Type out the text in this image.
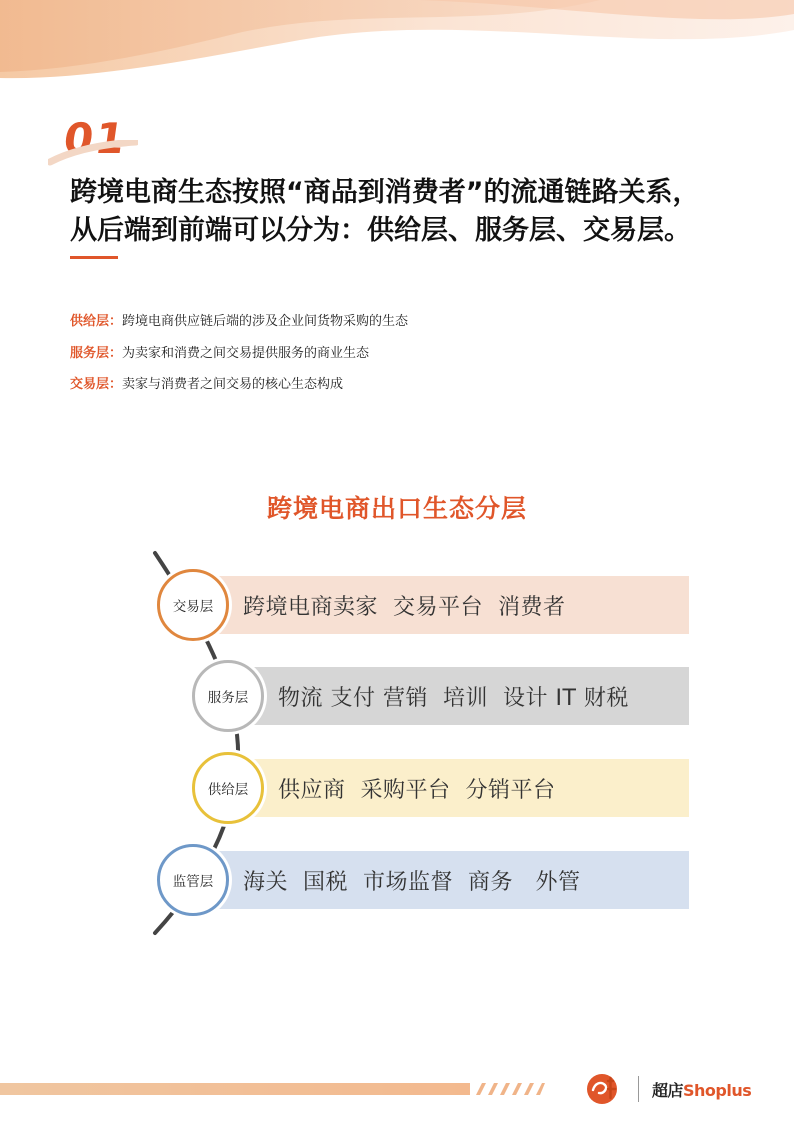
01
跨境电商生态按照“商品到消费者”的流通链路关系，
从后端到前端可以分为：供给层、服务层、交易层。
供给层：跨境电商供应链后端的涉及企业间货物采购的生态
服务层：为卖家和消费之间交易提供服务的商业生态
交易层：卖家与消费者之间交易的核心生态构成
跨境电商出口生态分层
跨境电商卖家  交易平台  消费者
物流 支付 营销  培训  设计 IT 财税
供应商  采购平台  分销平台
海关  国税  市场监督  商务   外管
交易层
服务层
供给层
监管层
超店Shoplus
